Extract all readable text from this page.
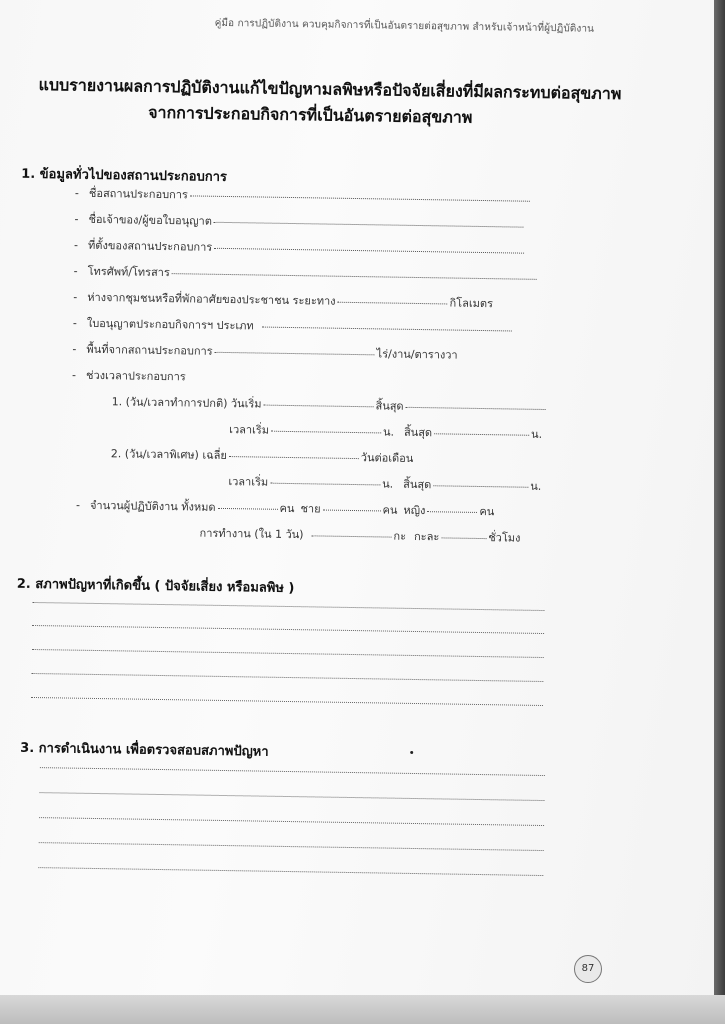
คู่มือ การปฏิบัติงาน ควบคุมกิจการที่เป็นอันตรายต่อสุขภาพ สำหรับเจ้าหน้าที่ผู้ปฏิบัติงาน
แบบรายงานผลการปฏิบัติงานแก้ไขปัญหามลพิษหรือปัจจัยเสี่ยงที่มีผลกระทบต่อสุขภาพ
จากการประกอบกิจการที่เป็นอันตรายต่อสุขภาพ
1. ข้อมูลทั่วไปของสถานประกอบการ
- ชื่อสถานประกอบการ
- ชื่อเจ้าของ/ผู้ขอใบอนุญาต
- ที่ตั้งของสถานประกอบการ
- โทรศัพท์/โทรสาร
- ห่างจากชุมชนหรือที่พักอาศัยของประชาชน ระยะทาง	กิโลเมตร
- ใบอนุญาตประกอบกิจการฯ ประเภท
- พื้นที่จากสถานประกอบการ	ไร่/งาน/ตารางวา
- ช่วงเวลาประกอบการ
1. (วัน/เวลาทำการปกติ) วันเริ่ม	สิ้นสุด
เวลาเริ่ม	น. สิ้นสุด	น.
2. (วัน/เวลาพิเศษ) เฉลี่ย	วันต่อเดือน
เวลาเริ่ม	น. สิ้นสุด	น.
- จำนวนผู้ปฏิบัติงาน ทั้งหมด	คน ชาย	คน หญิง	คน
การทำงาน (ใน 1 วัน)	กะ กะละ	ชั่วโมง
2. สภาพปัญหาที่เกิดขึ้น ( ปัจจัยเสี่ยง หรือมลพิษ )
3. การดำเนินงาน เพื่อตรวจสอบสภาพปัญหา
87
